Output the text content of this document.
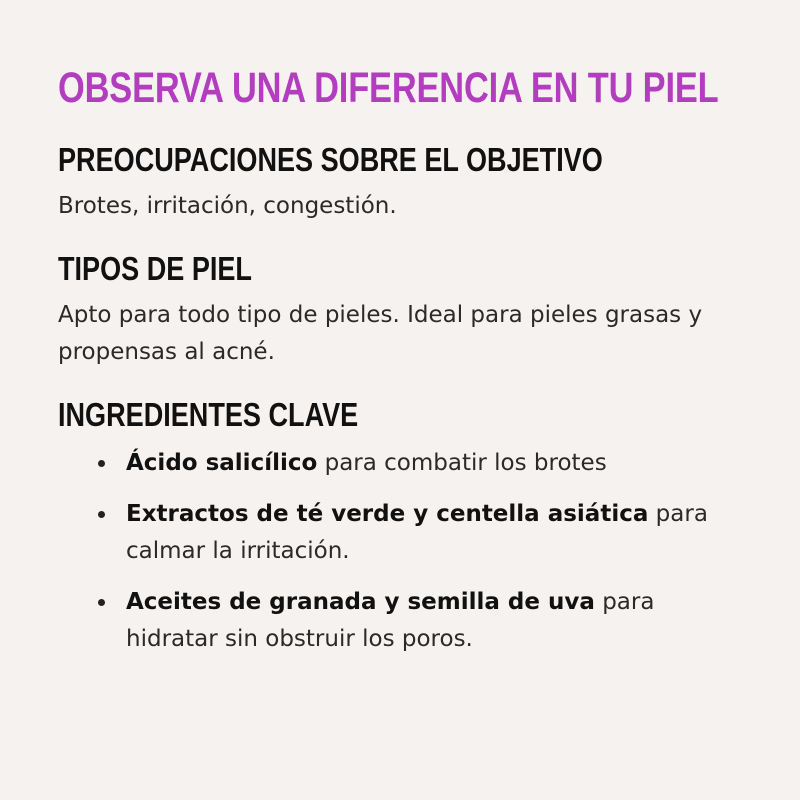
OBSERVA UNA DIFERENCIA EN TU PIEL
PREOCUPACIONES SOBRE EL OBJETIVO

Brotes, irritación, congestión.

TIPOS DE PIEL

Apto para todo tipo de pieles. Ideal para pieles grasas y propensas al acné.

INGREDIENTES CLAVE
Ácido salicílico para combatir los brotes
Extractos de té verde y centella asiática para calmar la irritación.
Aceites de granada y semilla de uva para hidratar sin obstruir los poros.
